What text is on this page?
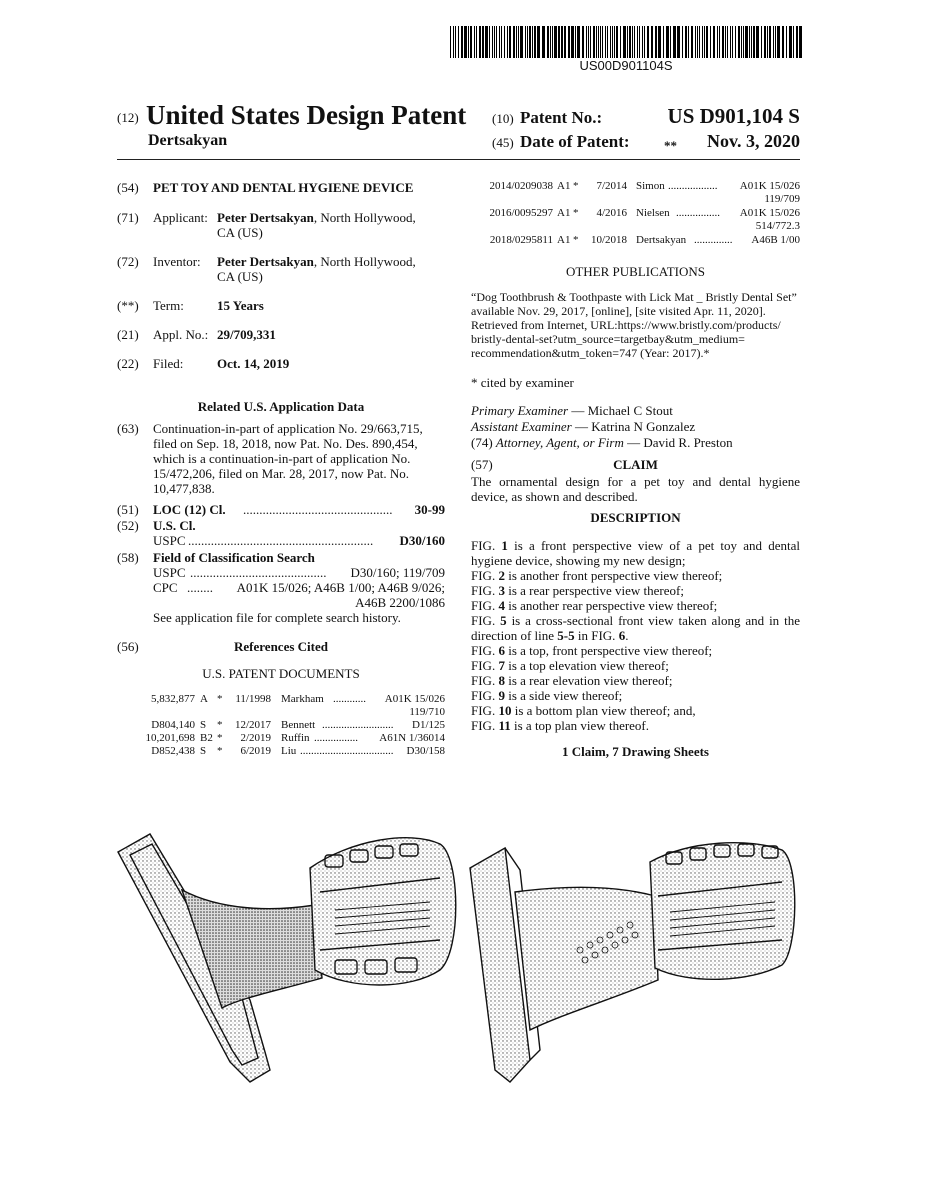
US00D901104S
(12) United States Design Patent
Dertsakyan
(10) Patent No.:	US D901,104 S
(45) Date of Patent:	**	Nov. 3, 2020
(54) PET TOY AND DENTAL HYGIENE DEVICE
(71) Applicant: Peter Dertsakyan, North Hollywood,
CA (US)
(72) Inventor: Peter Dertsakyan, North Hollywood,
CA (US)
(**) Term:	15 Years
(21) Appl. No.: 29/709,331
(22) Filed:	Oct. 14, 2019
Related U.S. Application Data
(63) Continuation-in-part of application No. 29/663,715,
filed on Sep. 18, 2018, now Pat. No. Des. 890,454,
which is a continuation-in-part of application No.
15/472,206, filed on Mar. 28, 2017, now Pat. No.
10,477,838.
(51) LOC (12) Cl. ..............................................	30-99
(52) U.S. Cl.
USPC .........................................................	D30/160
(58) Field of Classification Search
USPC ..........................................	D30/160; 119/709
CPC ........	A01K 15/026; A46B 1/00; A46B 9/026;
A46B 2200/1086
See application file for complete search history.
(56)	References Cited
U.S. PATENT DOCUMENTS
5,832,877 A *	11/1998 Markham ............	A01K 15/026
119/710
D804,140 S *	12/2017 Bennett ..........................	D1/125
10,201,698 B2 *	2/2019 Ruffin ................	A61N 1/36014
D852,438 S *	6/2019 Liu ..................................	D30/158
2014/0209038 A1 *	7/2014 Simon ..................	A01K 15/026
119/709
2016/0095297 A1 *	4/2016 Nielsen ................	A01K 15/026
514/772.3
2018/0295811 A1 *	10/2018 Dertsakyan ..............	A46B 1/00
OTHER PUBLICATIONS
“Dog Toothbrush & Toothpaste with Lick Mat _ Bristly Dental Set”
available Nov. 29, 2017, [online], [site visited Apr. 11, 2020].
Retrieved from Internet, URL:https://www.bristly.com/products/
bristly-dental-set?utm_source=targetbay&utm_medium=
recommendation&utm_token=747 (Year: 2017).*
* cited by examiner
Primary Examiner — Michael C Stout
Assistant Examiner — Katrina N Gonzalez
(74) Attorney, Agent, or Firm — David R. Preston
(57)	CLAIM
The ornamental design for a pet toy and dental hygiene
device, as shown and described.
DESCRIPTION

FIG. 1 is a front perspective view of a pet toy and dental

hygiene device, showing my new design;

FIG. 2 is another front perspective view thereof;

FIG. 3 is a rear perspective view thereof;

FIG. 4 is another rear perspective view thereof;

FIG. 5 is a cross-sectional front view taken along and in the

direction of line 5-5 in FIG. 6.

FIG. 6 is a top, front perspective view thereof;

FIG. 7 is a top elevation view thereof;

FIG. 8 is a rear elevation view thereof;

FIG. 9 is a side view thereof;

FIG. 10 is a bottom plan view thereof; and,

FIG. 11 is a top plan view thereof.

1 Claim, 7 Drawing Sheets
